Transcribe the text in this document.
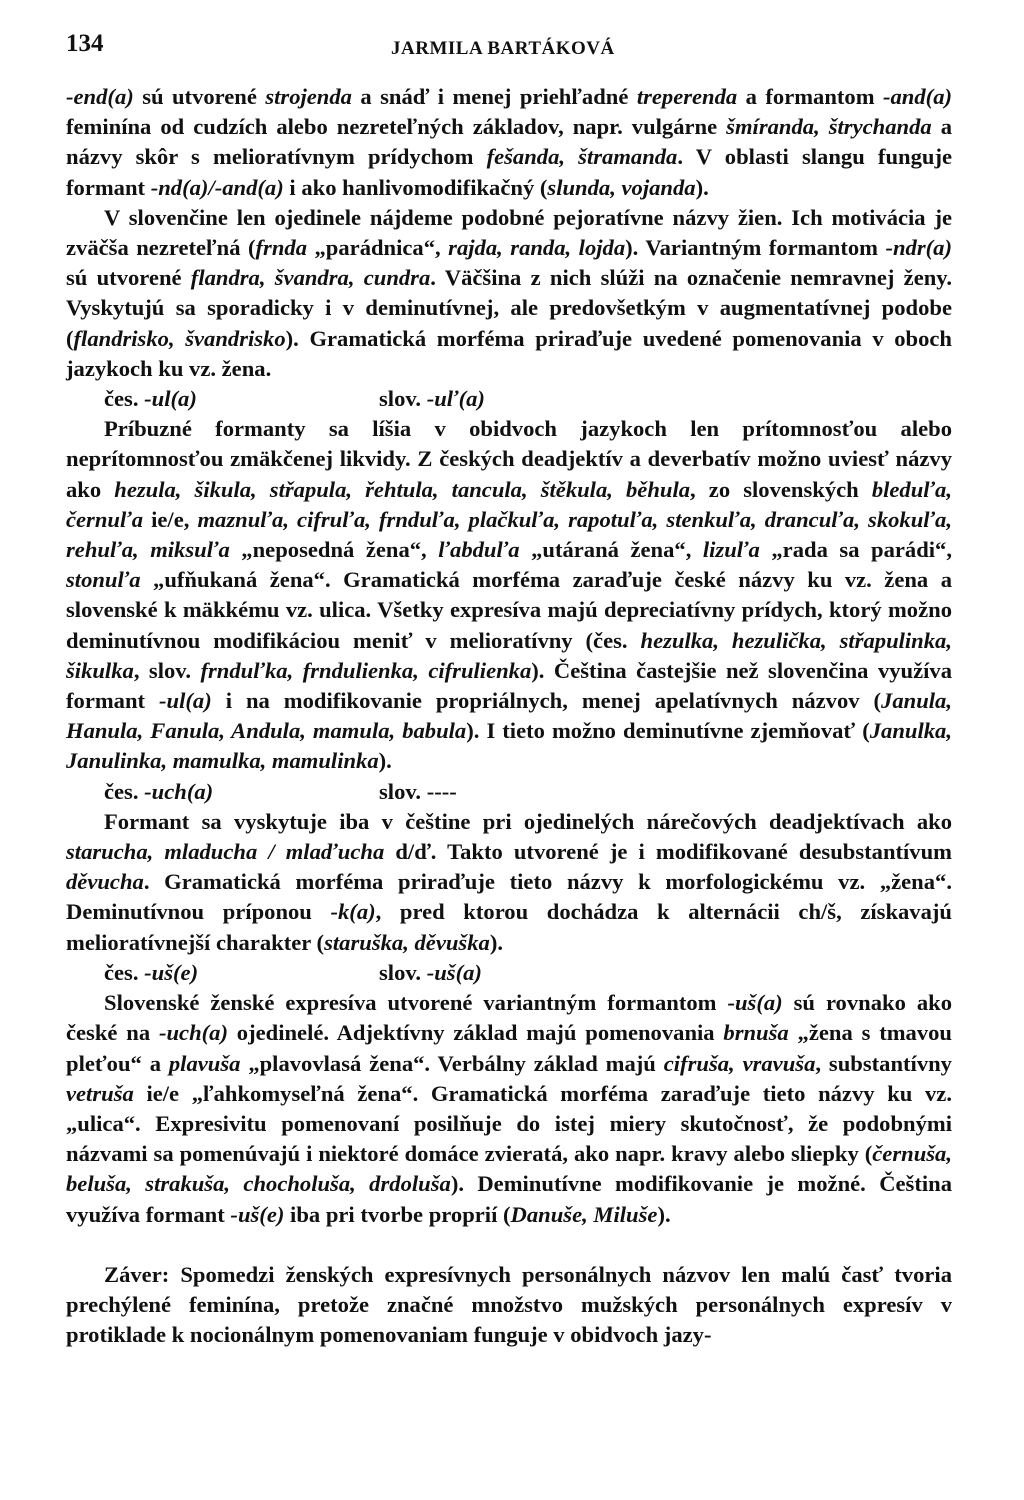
134	JARMILA BARTÁKOVÁ

-end(a) sú utvorené strojenda a snáď i menej priehľadné treperenda a formantom -and(a) feminína od cudzích alebo nezreteľných základov, napr. vulgárne šmíranda, štrychanda a názvy skôr s melioratívnym prídychom fešanda, štramanda. V oblasti slangu funguje formant -nd(a)/-and(a) i ako hanlivomodifikačný (slunda, vojanda).

V slovenčine len ojedinele nájdeme podobné pejoratívne názvy žien. Ich motivácia je zväčša nezreteľná (frnda „parádnica“, rajda, randa, lojda). Variantným formantom -ndr(a) sú utvorené flandra, švandra, cundra. Väčšina z nich slúži na označenie nemravnej ženy. Vyskytujú sa sporadicky i v deminutívnej, ale predovšetkým v augmentatívnej podobe (flandrisko, švandrisko). Gramatická morféma priraďuje uvedené pomenovania v oboch jazykoch ku vz. žena.

čes. -ul(a)	slov. -uľ(a)

Príbuzné formanty sa líšia v obidvoch jazykoch len prítomnosťou alebo neprítomnosťou zmäkčenej likvidy. Z českých deadjektív a deverbatív možno uviesť názvy ako hezula, šikula, střapula, řehtula, tancula, štěkula, běhula, zo slovenských bleduľa, černuľa ie/e, maznuľa, cifruľa, frnduľa, plačkuľa, rapotuľa, stenkuľa, drancuľa, skokuľa, rehuľa, miksuľa „neposedná žena“, ľabduľa „utáraná žena“, lizuľa „rada sa parádi“, stonuľa „ufňukaná žena“. Gramatická morféma zaraďuje české názvy ku vz. žena a slovenské k mäkkému vz. ulica. Všetky expresíva majú depreciatívny prídych, ktorý možno deminutívnou modifikáciou meniť v melioratívny (čes. hezulka, hezulička, střapulinka, šikulka, slov. frnduľka, frndulienka, cifrulienka). Čeština častejšie než slovenčina využíva formant -ul(a) i na modifikovanie propriálnych, menej apelatívnych názvov (Janula, Hanula, Fanula, Andula, mamula, babula). I tieto možno deminutívne zjemňovať (Janulka, Janulinka, mamulka, mamulinka).

čes. -uch(a)	slov. ----

Formant sa vyskytuje iba v češtine pri ojedinelých nárečových deadjektívach ako starucha, mladucha / mlaďucha d/ď. Takto utvorené je i modifikované desubstantívum děvucha. Gramatická morféma priraďuje tieto názvy k morfologickému vz. „žena“. Deminutívnou príponou -k(a), pred ktorou dochádza k alternácii ch/š, získavajú melioratívnejší charakter (staruška, děvuška).

čes. -uš(e)	slov. -uš(a)

Slovenské ženské expresíva utvorené variantným formantom -uš(a) sú rovnako ako české na -uch(a) ojedinelé. Adjektívny základ majú pomenovania brnuša „žena s tmavou pleťou“ a plavuša „plavovlasá žena“. Verbálny základ majú cifruša, vravuša, substantívny vetruša ie/e „ľahkomyseľná žena“. Gramatická morféma zaraďuje tieto názvy ku vz. „ulica“. Expresivitu pomenovaní posilňuje do istej miery skutočnosť, že podobnými názvami sa pomenúvajú i niektoré domáce zvieratá, ako napr. kravy alebo sliepky (černuša, beluša, strakuša, chocholuša, drdoluša). Deminutívne modifikovanie je možné. Čeština využíva formant -uš(e) iba pri tvorbe proprií (Danuše, Miluše).

Záver: Spomedzi ženských expresívnych personálnych názvov len malú časť tvoria prechýlené feminína, pretože značné množstvo mužských personálnych expresív v protiklade k nocionálnym pomenovaniam funguje v obidvoch jazy-
